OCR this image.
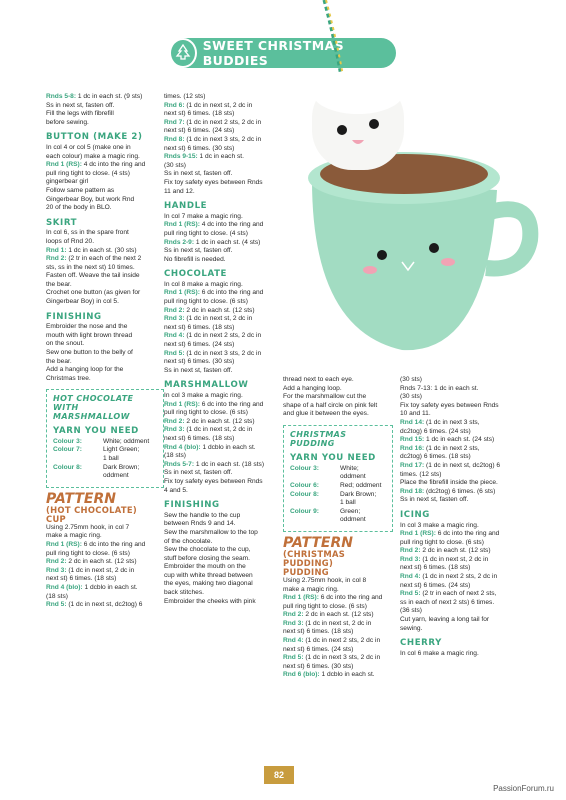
SWEET CHRISTMAS BUDDIES

Rnds 5-8: 1 dc in each st. (9 sts)

Ss in next st, fasten off.

Fill the legs with fibrefill

before sewing.

BUTTON (MAKE 2)

In col 4 or col 5 (make one in

each colour) make a magic ring.

Rnd 1 (RS): 4 dc into the ring and

pull ring tight to close. (4 sts)

gingerbear girl

Follow same pattern as

Gingerbear Boy, but work Rnd

20 of the body in BLO.

SKIRT

In col 6, ss in the spare front

loops of Rnd 20.

Rnd 1: 1 dc in each st. (30 sts)

Rnd 2: (2 tr in each of the next 2

sts, ss in the next st) 10 times.

Fasten off. Weave the tail inside

the bear.

Crochet one button (as given for

Gingerbear Boy) in col 5.

FINISHING

Embroider the nose and the

mouth with light brown thread

on the snout.

Sew one button to the belly of

the bear.

Add a hanging loop for the

Christmas tree.

HOT CHOCOLATE
WITH
MARSHMALLOW
YARN YOU NEED
Colour 3:	White; oddment
Colour 7:	Light Green;
1 ball
Colour 8:	Dark Brown;
oddment
PATTERN
(HOT CHOCOLATE)
CUP

Using 2.75mm hook, in col 7

make a magic ring.

Rnd 1 (RS): 6 dc into the ring and

pull ring tight to close. (6 sts)

Rnd 2: 2 dc in each st. (12 sts)

Rnd 3: (1 dc in next st, 2 dc in

next st) 6 times. (18 sts)

Rnd 4 (blo): 1 dcblo in each st.

(18 sts)

Rnd 5: (1 dc in next st, dc2tog) 6

times. (12 sts)

Rnd 6: (1 dc in next st, 2 dc in

next st) 6 times. (18 sts)

Rnd 7: (1 dc in next 2 sts, 2 dc in

next st) 6 times. (24 sts)

Rnd 8: (1 dc in next 3 sts, 2 dc in

next st) 6 times. (30 sts)

Rnds 9-15: 1 dc in each st.

(30 sts)

Ss in next st, fasten off.

Fix toy safety eyes between Rnds

11 and 12.

HANDLE

In col 7 make a magic ring.

Rnd 1 (RS): 4 dc into the ring and

pull ring tight to close. (4 sts)

Rnds 2-9: 1 dc in each st. (4 sts)

Ss in next st, fasten off.

No fibrefill is needed.

CHOCOLATE

In col 8 make a magic ring.

Rnd 1 (RS): 6 dc into the ring and

pull ring tight to close. (6 sts)

Rnd 2: 2 dc in each st. (12 sts)

Rnd 3: (1 dc in next st, 2 dc in

next st) 6 times. (18 sts)

Rnd 4: (1 dc in next 2 sts, 2 dc in

next st) 6 times. (24 sts)

Rnd 5: (1 dc in next 3 sts, 2 dc in

next st) 6 times. (30 sts)

Ss in next st, fasten off.

MARSHMALLOW

In col 3 make a magic ring.

Rnd 1 (RS): 6 dc into the ring and

pull ring tight to close. (6 sts)

Rnd 2: 2 dc in each st. (12 sts)

Rnd 3: (1 dc in next st, 2 dc in

next st) 6 times. (18 sts)

Rnd 4 (blo): 1 dcblo in each st.

(18 sts)

Rnds 5-7: 1 dc in each st. (18 sts)

Ss in next st, fasten off.

Fix toy safety eyes between Rnds

4 and 5.

FINISHING

Sew the handle to the cup

between Rnds 9 and 14.

Sew the marshmallow to the top

of the chocolate.

Sew the chocolate to the cup,

stuff before closing the seam.

Embroider the mouth on the

cup with white thread between

the eyes, making two diagonal

back stitches.

Embroider the cheeks with pink

thread next to each eye.

Add a hanging loop.

For the marshmallow cut the

shape of a half circle on pink felt

and glue it between the eyes.

CHRISTMAS
PUDDING
YARN YOU NEED
Colour 3:	White; oddment
Colour 6:	Red; oddment
Colour 8:	Dark Brown;
1 ball
Colour 9:	Green; oddment
PATTERN
(CHRISTMAS
PUDDING)
PUDDING

Using 2.75mm hook, in col 8

make a magic ring.

Rnd 1 (RS): 6 dc into the ring and

pull ring tight to close. (6 sts)

Rnd 2: 2 dc in each st. (12 sts)

Rnd 3: (1 dc in next st, 2 dc in

next st) 6 times. (18 sts)

Rnd 4: (1 dc in next 2 sts, 2 dc in

next st) 6 times. (24 sts)

Rnd 5: (1 dc in next 3 sts, 2 dc in

next st) 6 times. (30 sts)

Rnd 6 (blo): 1 dcblo in each st.

(30 sts)

Rnds 7-13: 1 dc in each st.

(30 sts)

Fix toy safety eyes between Rnds

10 and 11.

Rnd 14: (1 dc in next 3 sts,

dc2tog) 6 times. (24 sts)

Rnd 15: 1 dc in each st. (24 sts)

Rnd 16: (1 dc in next 2 sts,

dc2tog) 6 times. (18 sts)

Rnd 17: (1 dc in next st, dc2tog) 6

times. (12 sts)

Place the fibrefill inside the piece.

Rnd 18: (dc2tog) 6 times. (6 sts)

Ss in next st, fasten off.

ICING

In col 3 make a magic ring.

Rnd 1 (RS): 6 dc into the ring and

pull ring tight to close. (6 sts)

Rnd 2: 2 dc in each st. (12 sts)

Rnd 3: (1 dc in next st, 2 dc in

next st) 6 times. (18 sts)

Rnd 4: (1 dc in next 2 sts, 2 dc in

next st) 6 times. (24 sts)

Rnd 5: (2 tr in each of next 2 sts,

ss in each of next 2 sts) 6 times.

(36 sts)

Cut yarn, leaving a long tail for

sewing.

CHERRY

In col 6 make a magic ring.

82
PassionForum.ru
